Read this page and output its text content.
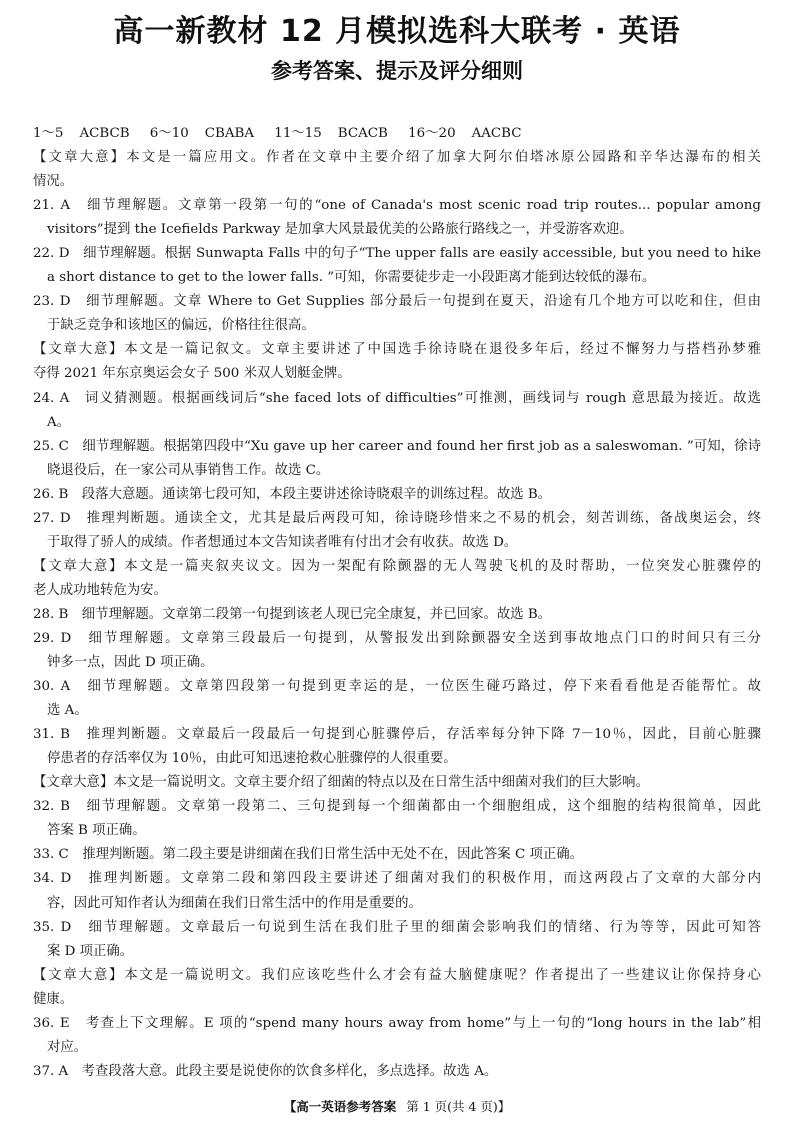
高一新教材 12 月模拟选科大联考 · 英语
参考答案、提示及评分细则
1～5 ACBCB 6～10 CBABA 11～15 BCACB 16～20 AACBC
【文章大意】本文是一篇应用文。作者在文章中主要介绍了加拿大阿尔伯塔冰原公园路和辛华达瀑布的相关
情况。
21. A　细节理解题。文章第一段第一句的“one of Canada's most scenic road trip routes... popular among
visitors”提到 the Icefields Parkway 是加拿大风景最优美的公路旅行路线之一，并受游客欢迎。
22. D　细节理解题。根据 Sunwapta Falls 中的句子“The upper falls are easily accessible, but you need to hike
a short distance to get to the lower falls. ”可知，你需要徒步走一小段距离才能到达较低的瀑布。
23. D　细节理解题。文章 Where to Get Supplies 部分最后一句提到在夏天，沿途有几个地方可以吃和住，但由
于缺乏竞争和该地区的偏远，价格往往很高。
【文章大意】本文是一篇记叙文。文章主要讲述了中国选手徐诗晓在退役多年后，经过不懈努力与搭档孙梦雅
夺得 2021 年东京奥运会女子 500 米双人划艇金牌。
24. A　词义猜测题。根据画线词后“she faced lots of difficulties”可推测，画线词与 rough 意思最为接近。故选
A。
25. C　细节理解题。根据第四段中“Xu gave up her career and found her first job as a saleswoman. ”可知，徐诗
晓退役后，在一家公司从事销售工作。故选 C。
26. B　段落大意题。通读第七段可知，本段主要讲述徐诗晓艰辛的训练过程。故选 B。
27. D　推理判断题。通读全文，尤其是最后两段可知，徐诗晓珍惜来之不易的机会，刻苦训练，备战奥运会，终
于取得了骄人的成绩。作者想通过本文告知读者唯有付出才会有收获。故选 D。
【文章大意】本文是一篇夹叙夹议文。因为一架配有除颤器的无人驾驶飞机的及时帮助，一位突发心脏骤停的
老人成功地转危为安。
28. B　细节理解题。文章第二段第一句提到该老人现已完全康复，并已回家。故选 B。
29. D　细节理解题。文章第三段最后一句提到，从警报发出到除颤器安全送到事故地点门口的时间只有三分
钟多一点，因此 D 项正确。
30. A　细节理解题。文章第四段第一句提到更幸运的是，一位医生碰巧路过，停下来看看他是否能帮忙。故
选 A。
31. B　推理判断题。文章最后一段最后一句提到心脏骤停后，存活率每分钟下降 7－10％，因此，目前心脏骤
停患者的存活率仅为 10％，由此可知迅速抢救心脏骤停的人很重要。
【文章大意】本文是一篇说明文。文章主要介绍了细菌的特点以及在日常生活中细菌对我们的巨大影响。
32. B　细节理解题。文章第一段第二、三句提到每一个细菌都由一个细胞组成，这个细胞的结构很简单，因此
答案 B 项正确。
33. C　推理判断题。第二段主要是讲细菌在我们日常生活中无处不在，因此答案 C 项正确。
34. D　推理判断题。文章第二段和第四段主要讲述了细菌对我们的积极作用，而这两段占了文章的大部分内
容，因此可知作者认为细菌在我们日常生活中的作用是重要的。
35. D　细节理解题。文章最后一句说到生活在我们肚子里的细菌会影响我们的情绪、行为等等，因此可知答
案 D 项正确。
【文章大意】本文是一篇说明文。我们应该吃些什么才会有益大脑健康呢？作者提出了一些建议让你保持身心
健康。
36. E　考查上下文理解。E 项的“spend many hours away from home”与上一句的“long hours in the lab”相
对应。
37. A　考查段落大意。此段主要是说使你的饮食多样化，多点选择。故选 A。
【高一英语参考答案 第 1 页(共 4 页)】
